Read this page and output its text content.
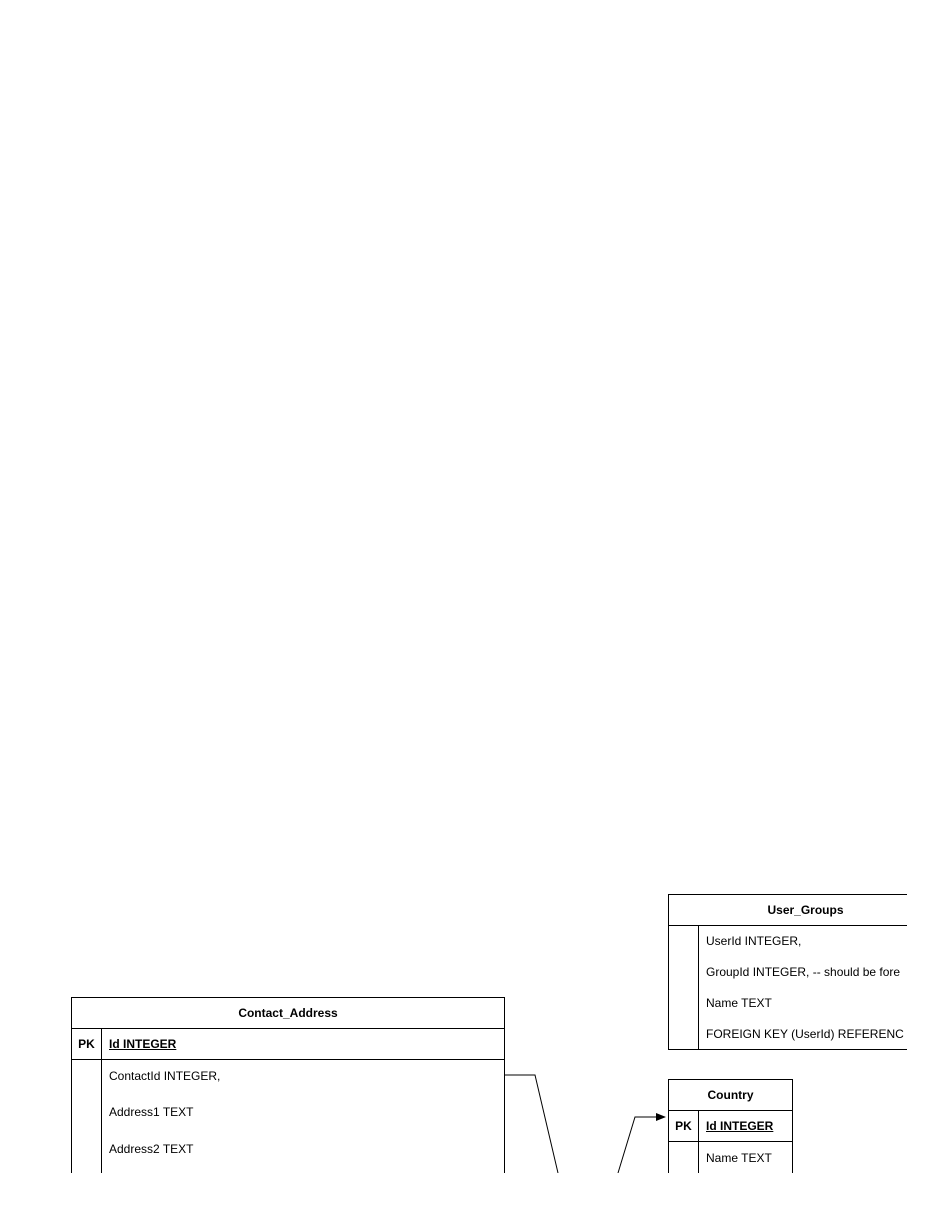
User_Groups
UserId INTEGER,
GroupId INTEGER, -- should be fore
Name TEXT
FOREIGN KEY (UserId) REFERENC
Contact_Address
PK	Id INTEGER
ContactId INTEGER,
Address1 TEXT
Address2 TEXT
Country
PK	Id INTEGER
Name TEXT
